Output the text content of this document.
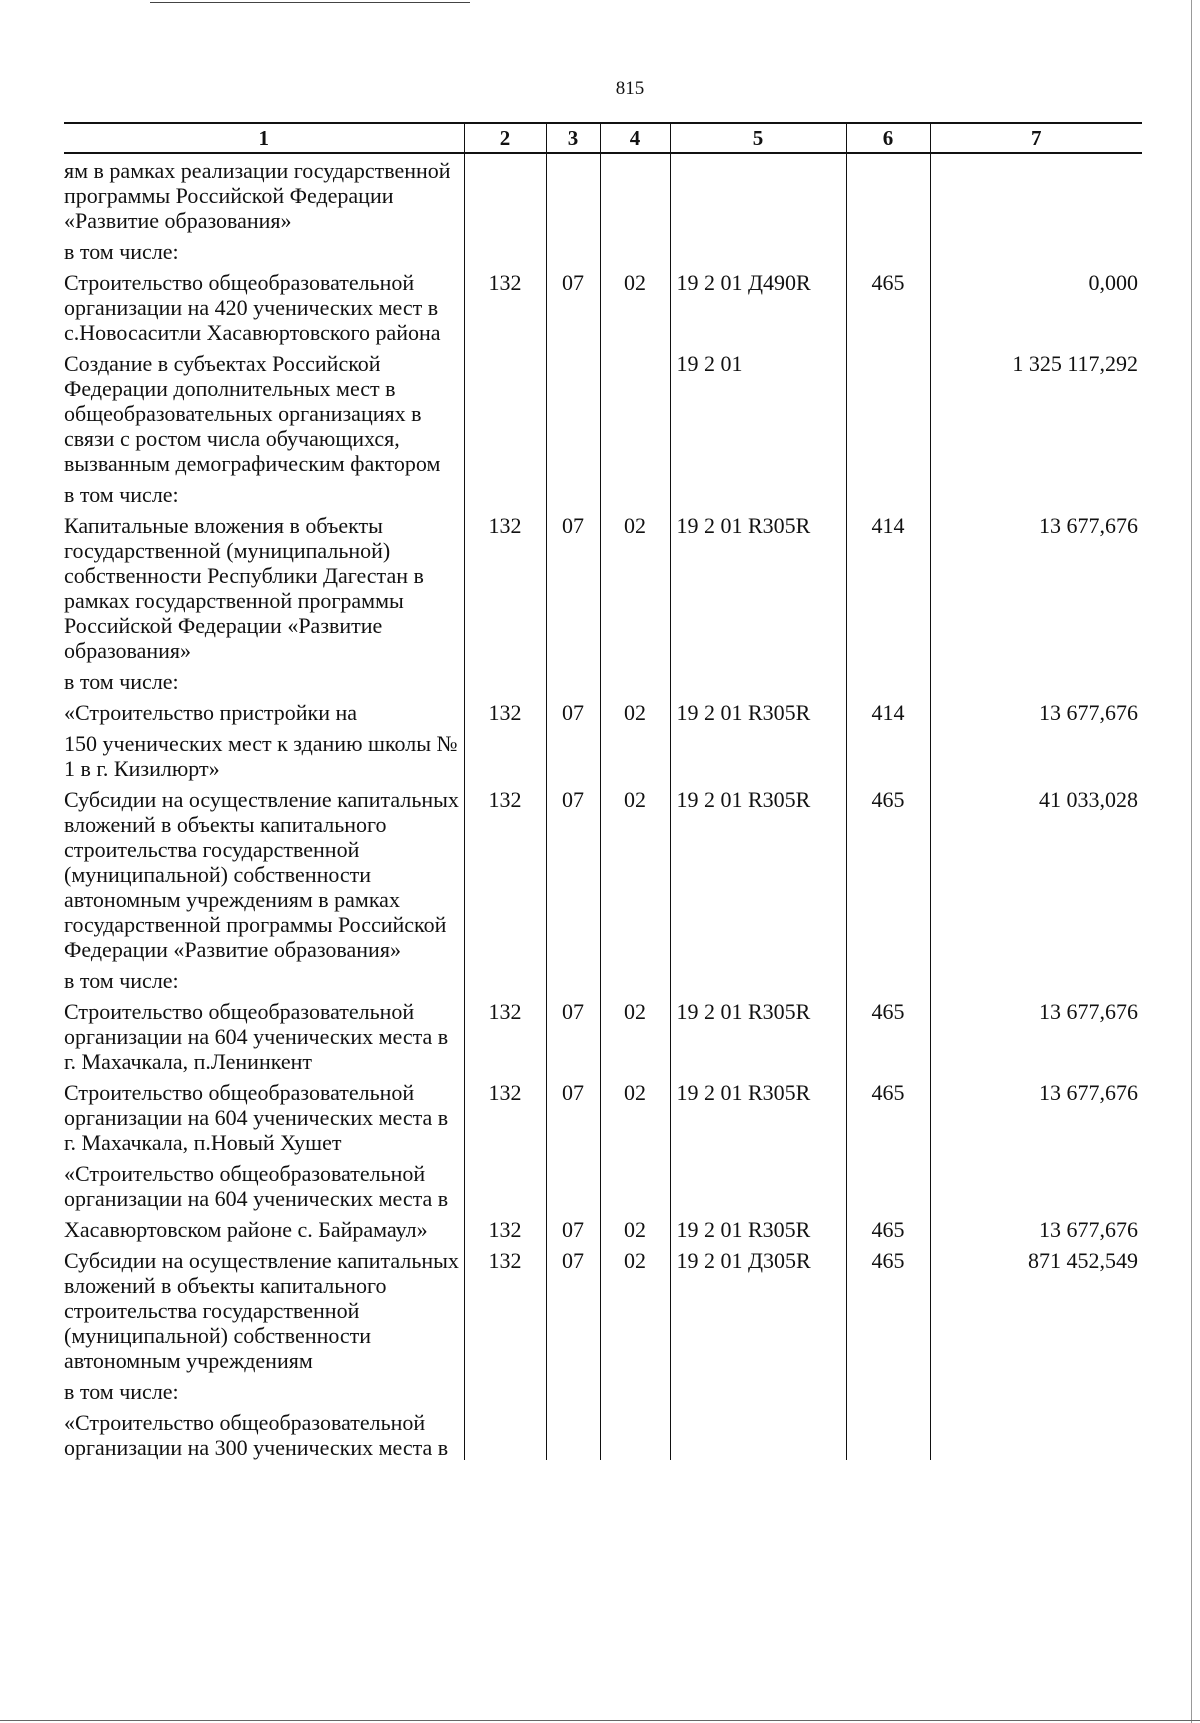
815
1	2	3	4	5	6	7
ям в рамках реализации государственной программы Российской Федерации «Развитие образования»						
в том числе:						
Строительство общеобразовательной организации на 420 ученических мест в с.Новосаситли Хасавюртовского района	132	07	02	19 2 01 Д490R	465	0,000
Создание в субъектах Российской Федерации дополнительных мест в общеобразовательных организациях в связи с ростом числа обучающихся, вызванным демографическим фактором				19 2 01		1 325 117,292
в том числе:						
Капитальные вложения в объекты государственной (муниципальной) собственности Республики Дагестан в рамках государственной программы Российской Федерации «Развитие образования»	132	07	02	19 2 01 R305R	414	13 677,676
в том числе:						
«Строительство пристройки на	132	07	02	19 2 01 R305R	414	13 677,676
150 ученических мест к зданию школы № 1 в г. Кизилюрт»						
Субсидии на осуществление капитальных вложений в объекты капитального строительства государственной (муниципальной) собственности автономным учреждениям в рамках государственной программы Российской Федерации «Развитие образования»	132	07	02	19 2 01 R305R	465	41 033,028
в том числе:						
Строительство общеобразовательной организации на 604 ученических места в г. Махачкала, п.Ленинкент	132	07	02	19 2 01 R305R	465	13 677,676
Строительство общеобразовательной организации на 604 ученических места в г. Махачкала, п.Новый Хушет	132	07	02	19 2 01 R305R	465	13 677,676
«Строительство общеобразовательной организации на 604 ученических места в						
Хасавюртовском районе с. Байрамаул»	132	07	02	19 2 01 R305R	465	13 677,676
Субсидии на осуществление капитальных вложений в объекты капитального строительства государственной (муниципальной) собственности автономным учреждениям	132	07	02	19 2 01 Д305R	465	871 452,549
в том числе:						
«Строительство общеобразовательной организации на 300 ученических места в						
